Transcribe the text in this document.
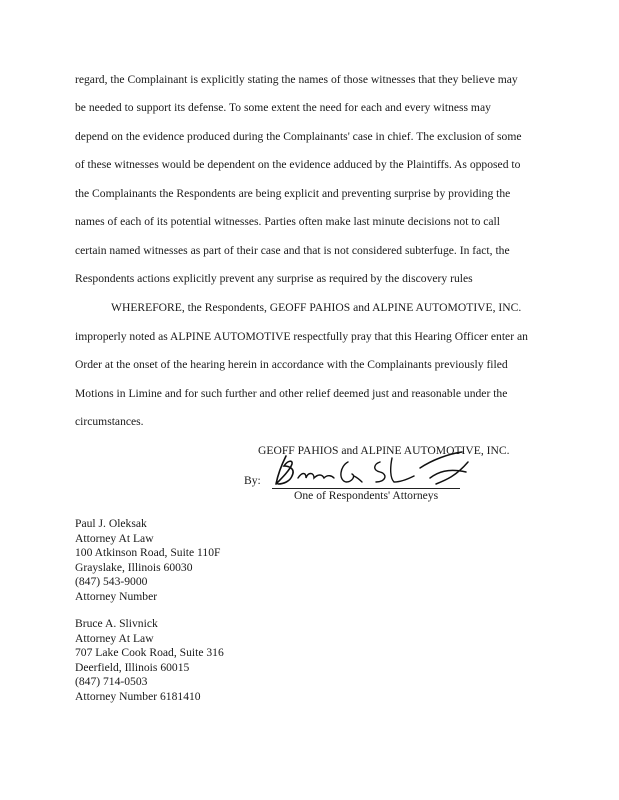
regard, the Complainant is explicitly stating the names of those witnesses that they believe may
be needed to support its defense. To some extent the need for each and every witness may
depend on the evidence produced during the Complainants' case in chief. The exclusion of some
of these witnesses would be dependent on the evidence adduced by the Plaintiffs. As opposed to
the Complainants the Respondents are being explicit and preventing surprise by providing the
names of each of its potential witnesses. Parties often make last minute decisions not to call
certain named witnesses as part of their case and that is not considered subterfuge. In fact, the
Respondents actions explicitly prevent any surprise as required by the discovery rules
WHEREFORE, the Respondents, GEOFF PAHIOS and ALPINE AUTOMOTIVE, INC.
improperly noted as ALPINE AUTOMOTIVE respectfully pray that this Hearing Officer enter an
Order at the onset of the hearing herein in accordance with the Complainants previously filed
Motions in Limine and for such further and other relief deemed just and reasonable under the
circumstances.
GEOFF PAHIOS and ALPINE AUTOMOTIVE, INC.
By:
One of Respondents' Attorneys
Paul J. Oleksak
Attorney At Law
100 Atkinson Road, Suite 110F
Grayslake, Illinois 60030
(847) 543-9000
Attorney Number
Bruce A. Slivnick
Attorney At Law
707 Lake Cook Road, Suite 316
Deerfield, Illinois 60015
(847) 714-0503
Attorney Number 6181410
